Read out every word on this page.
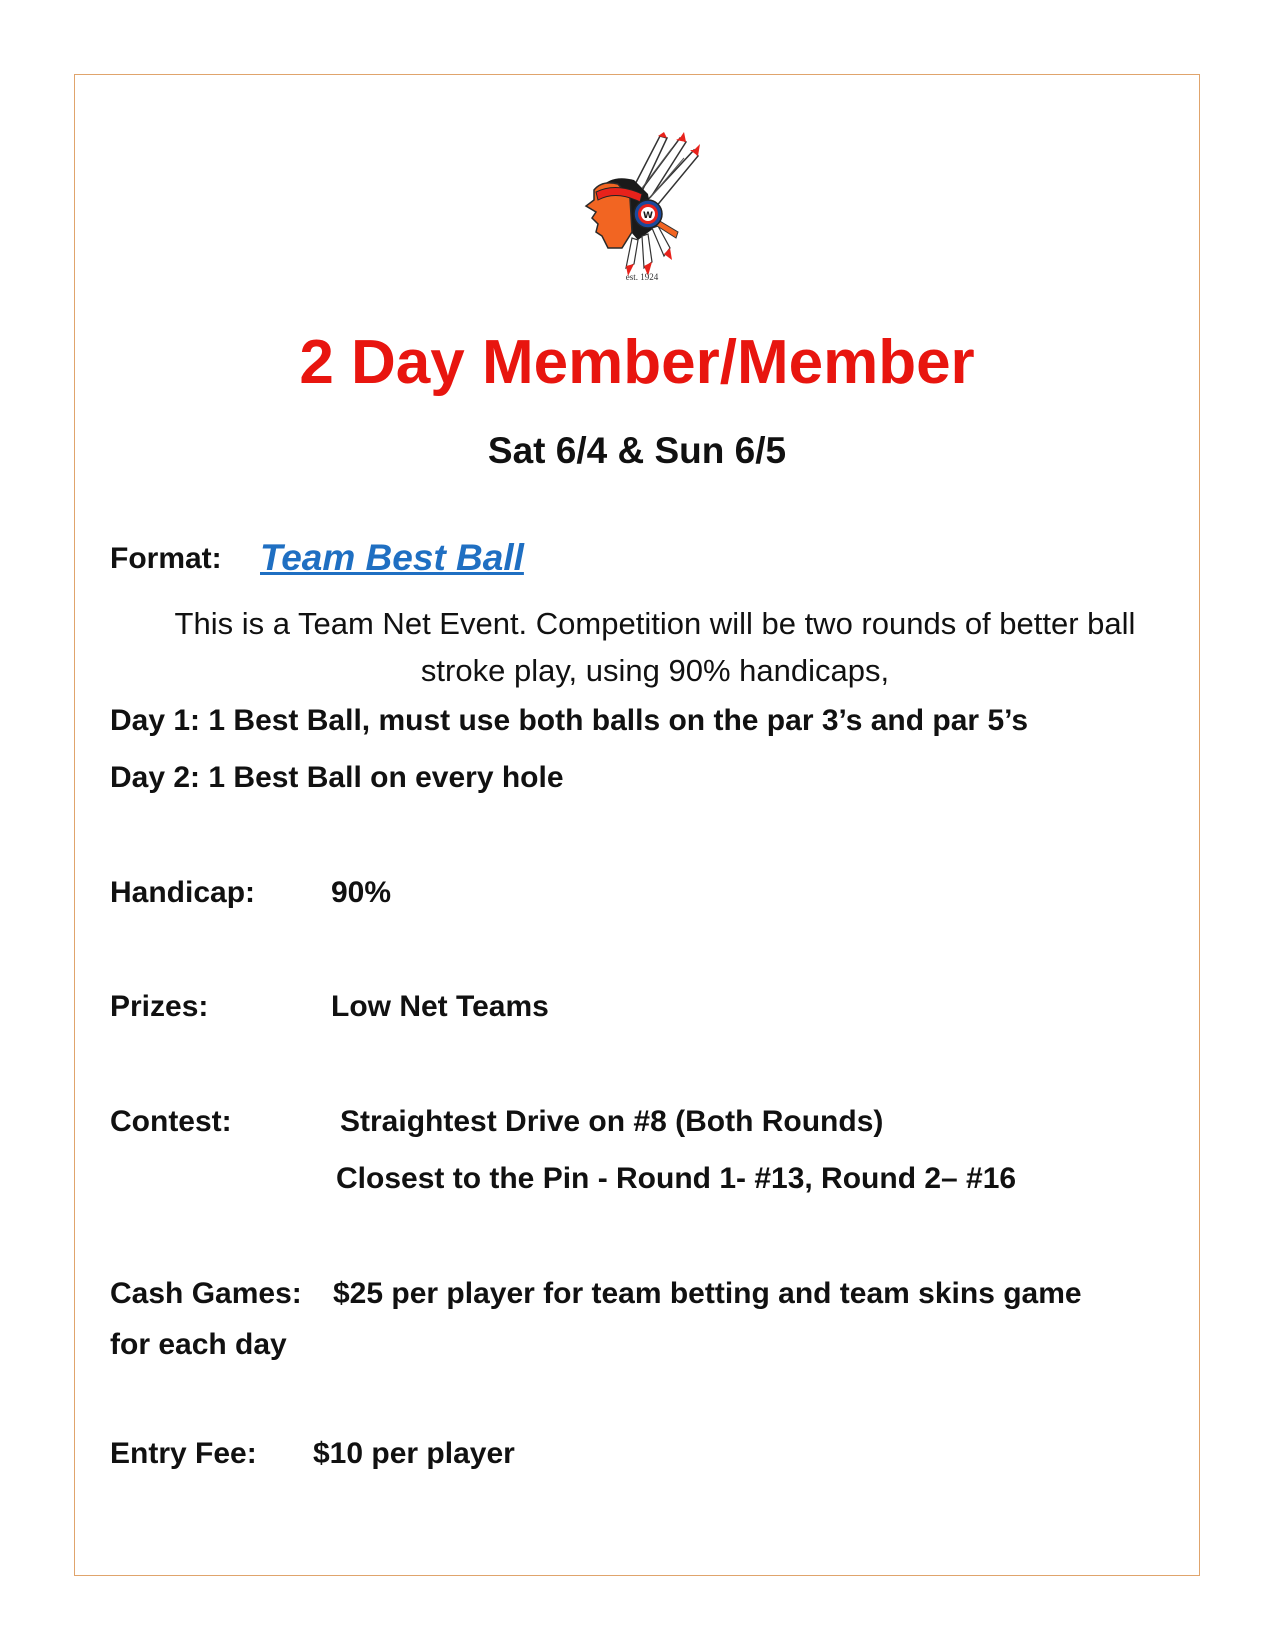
W
est. 1924
2 Day Member/Member
Sat 6/4 & Sun 6/5
Format: Team Best Ball
This is a Team Net Event. Competition will be two rounds of better ball
stroke play, using 90% handicaps,
Day 1: 1 Best Ball, must use both balls on the par 3’s and par 5’s
Day 2: 1 Best Ball on every hole
Handicap:	90%
Prizes:	Low Net Teams
Contest:	Straightest Drive on #8 (Both Rounds)
Closest to the Pin - Round 1- #13, Round 2– #16
Cash Games: $25 per player for team betting and team skins game
for each day
Entry Fee: $10 per player
